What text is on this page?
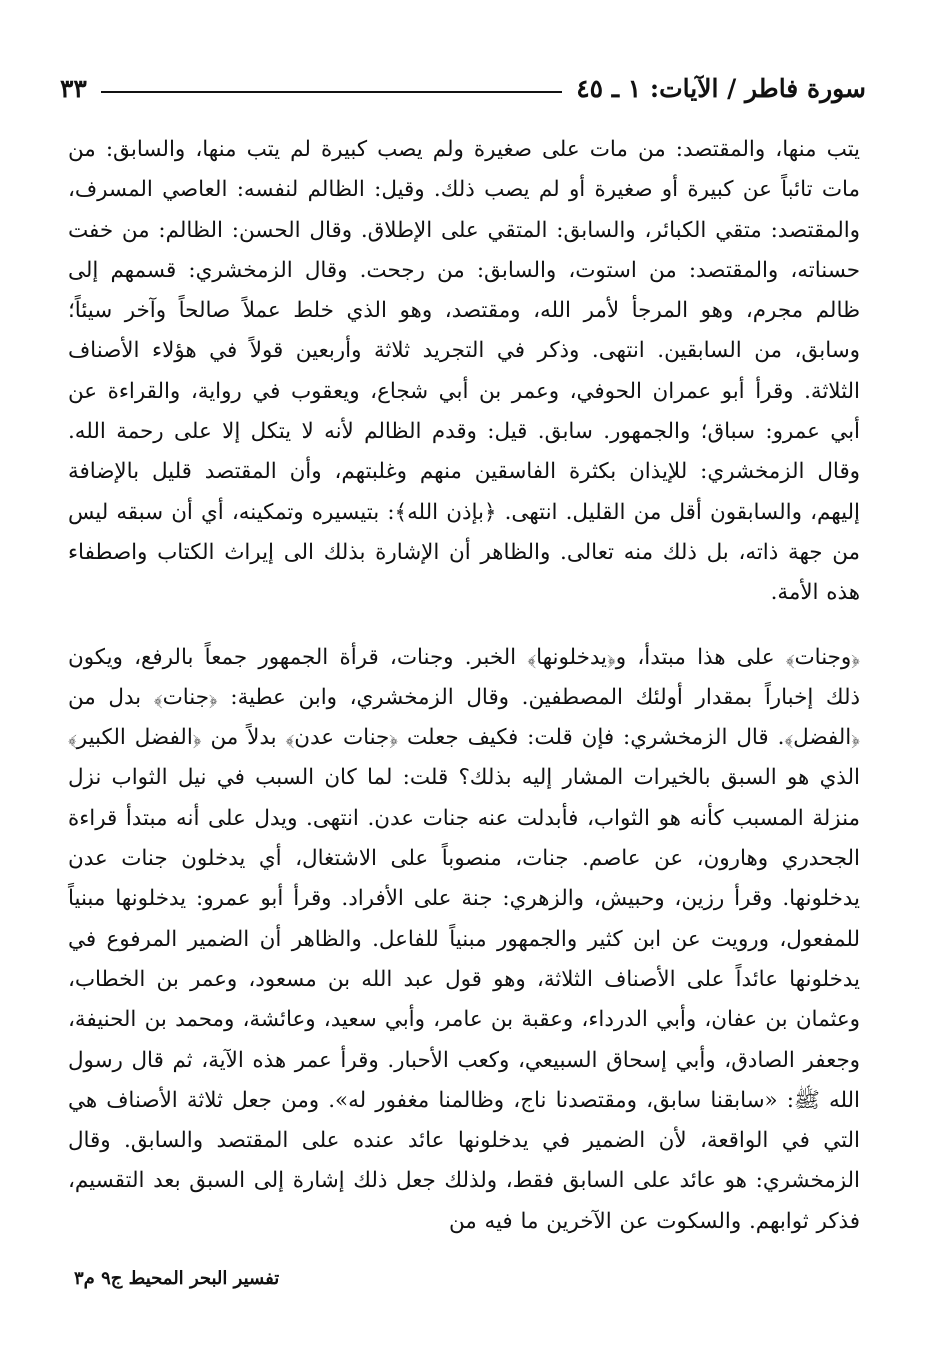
سورة فاطر / الآيات: ١ ـ ٤٥
٣٣

يتب منها، والمقتصد: من مات على صغيرة ولم يصب كبيرة لم يتب منها، والسابق: من مات تائباً عن كبيرة أو صغيرة أو لم يصب ذلك. وقيل: الظالم لنفسه: العاصي المسرف، والمقتصد: متقي الكبائر، والسابق: المتقي على الإطلاق. وقال الحسن: الظالم: من خفت حسناته، والمقتصد: من استوت، والسابق: من رجحت. وقال الزمخشري: قسمهم إلى ظالم مجرم، وهو المرجأ لأمر الله، ومقتصد، وهو الذي خلط عملاً صالحاً وآخر سيئاً؛ وسابق، من السابقين. انتهى. وذكر في التجريد ثلاثة وأربعين قولاً في هؤلاء الأصناف الثلاثة. وقرأ أبو عمران الحوفي، وعمر بن أبي شجاع، ويعقوب في رواية، والقراءة عن أبي عمرو: سباق؛ والجمهور. سابق. قيل: وقدم الظالم لأنه لا يتكل إلا على رحمة الله. وقال الزمخشري: للإيذان بكثرة الفاسقين منهم وغلبتهم، وأن المقتصد قليل بالإضافة إليهم، والسابقون أقل من القليل. انتهى. ﴿بإذن الله﴾: بتيسيره وتمكينه، أي أن سبقه ليس من جهة ذاته، بل ذلك منه تعالى. والظاهر أن الإشارة بذلك الى إيراث الكتاب واصطفاء هذه الأمة.

﴿وجنات﴾ على هذا مبتدأ، و﴿يدخلونها﴾ الخبر. وجنات، قرأة الجمهور جمعاً بالرفع، ويكون ذلك إخباراً بمقدار أولئك المصطفين. وقال الزمخشري، وابن عطية: ﴿جنات﴾ بدل من ﴿الفضل﴾. قال الزمخشري: فإن قلت: فكيف جعلت ﴿جنات عدن﴾ بدلاً من ﴿الفضل الكبير﴾ الذي هو السبق بالخيرات المشار إليه بذلك؟ قلت: لما كان السبب في نيل الثواب نزل منزلة المسبب كأنه هو الثواب، فأبدلت عنه جنات عدن. انتهى. ويدل على أنه مبتدأ قراءة الجحدري وهارون، عن عاصم. جنات، منصوباً على الاشتغال، أي يدخلون جنات عدن يدخلونها. وقرأ رزين، وحبيش، والزهري: جنة على الأفراد. وقرأ أبو عمرو: يدخلونها مبنياً للمفعول، ورويت عن ابن كثير والجمهور مبنياً للفاعل. والظاهر أن الضمير المرفوع في يدخلونها عائداً على الأصناف الثلاثة، وهو قول عبد الله بن مسعود، وعمر بن الخطاب، وعثمان بن عفان، وأبي الدرداء، وعقبة بن عامر، وأبي سعيد، وعائشة، ومحمد بن الحنيفة، وجعفر الصادق، وأبي إسحاق السبيعي، وكعب الأحبار. وقرأ عمر هذه الآية، ثم قال رسول الله ﷺ: «سابقنا سابق، ومقتصدنا ناج، وظالمنا مغفور له». ومن جعل ثلاثة الأصناف هي التي في الواقعة، لأن الضمير في يدخلونها عائد عنده على المقتصد والسابق. وقال الزمخشري: هو عائد على السابق فقط، ولذلك جعل ذلك إشارة إلى السبق بعد التقسيم، فذكر ثوابهم. والسكوت عن الآخرين ما فيه من

تفسير البحر المحيط ج٩ م٣
